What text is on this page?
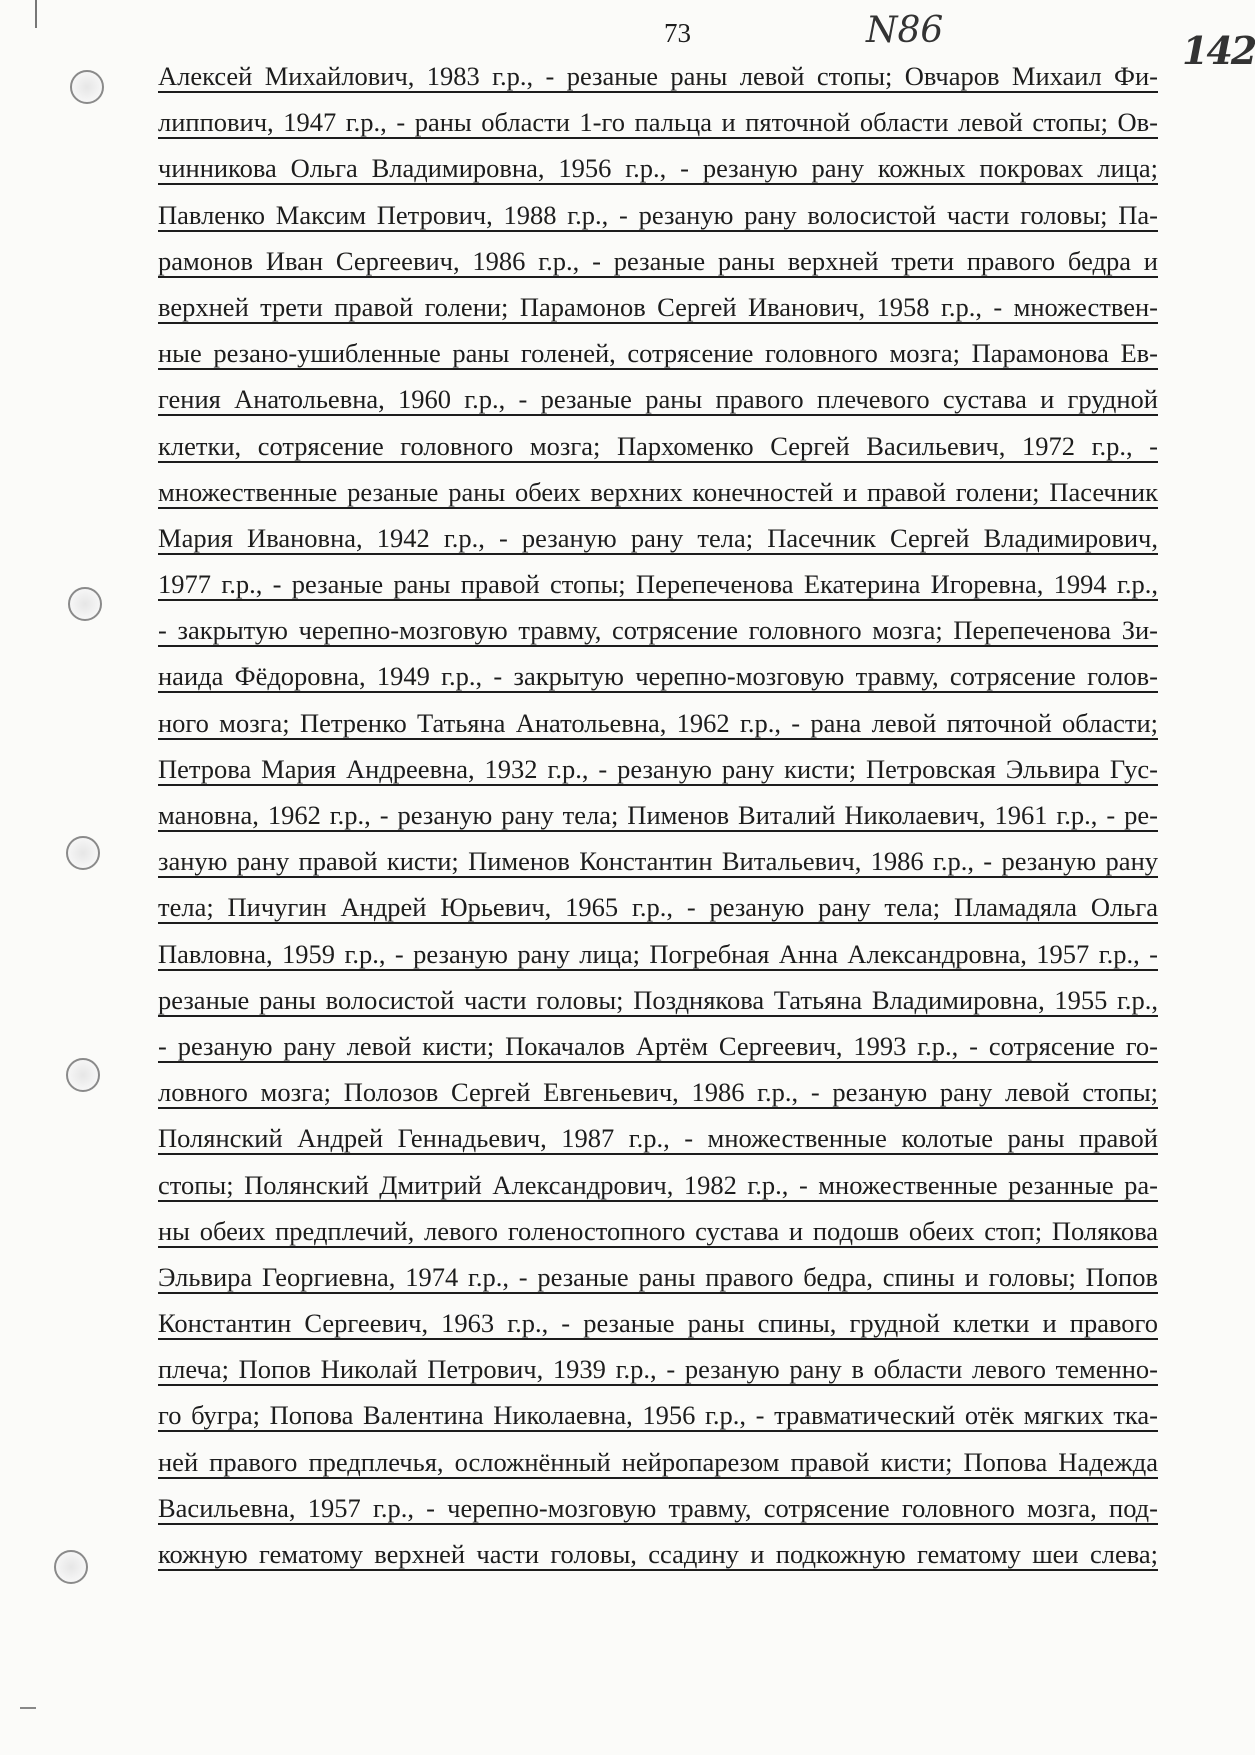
73	N86	142
Алексей Михайлович, 1983 г.р., - резаные раны левой стопы; Овчаров Михаил Фи-
липпович, 1947 г.р., - раны области 1-го пальца и пяточной области левой стопы; Ов-
чинникова Ольга Владимировна, 1956 г.р., - резаную рану кожных покровах лица;
Павленко Максим Петрович, 1988 г.р., - резаную рану волосистой части головы; Па-
рамонов Иван Сергеевич, 1986 г.р., - резаные раны верхней трети правого бедра и
верхней трети правой голени; Парамонов Сергей Иванович, 1958 г.р., - множествен-
ные резано-ушибленные раны голеней, сотрясение головного мозга; Парамонова Ев-
гения Анатольевна, 1960 г.р., - резаные раны правого плечевого сустава и грудной
клетки, сотрясение головного мозга; Пархоменко Сергей Васильевич, 1972 г.р., -
множественные резаные раны обеих верхних конечностей и правой голени; Пасечник
Мария Ивановна, 1942 г.р., - резаную рану тела; Пасечник Сергей Владимирович,
1977 г.р., - резаные раны правой стопы; Перепеченова Екатерина Игоревна, 1994 г.р.,
- закрытую черепно-мозговую травму, сотрясение головного мозга; Перепеченова Зи-
наида Фёдоровна, 1949 г.р., - закрытую черепно-мозговую травму, сотрясение голов-
ного мозга; Петренко Татьяна Анатольевна, 1962 г.р., - рана левой пяточной области;
Петрова Мария Андреевна, 1932 г.р., - резаную рану кисти; Петровская Эльвира Гус-
мановна, 1962 г.р., - резаную рану тела; Пименов Виталий Николаевич, 1961 г.р., - ре-
заную рану правой кисти; Пименов Константин Витальевич, 1986 г.р., - резаную рану
тела; Пичугин Андрей Юрьевич, 1965 г.р., - резаную рану тела; Пламадяла Ольга
Павловна, 1959 г.р., - резаную рану лица; Погребная Анна Александровна, 1957 г.р., -
резаные раны волосистой части головы; Позднякова Татьяна Владимировна, 1955 г.р.,
- резаную рану левой кисти; Покачалов Артём Сергеевич, 1993 г.р., - сотрясение го-
ловного мозга; Полозов Сергей Евгеньевич, 1986 г.р., - резаную рану левой стопы;
Полянский Андрей Геннадьевич, 1987 г.р., - множественные колотые раны правой
стопы; Полянский Дмитрий Александрович, 1982 г.р., - множественные резанные ра-
ны обеих предплечий, левого голеностопного сустава и подошв обеих стоп; Полякова
Эльвира Георгиевна, 1974 г.р., - резаные раны правого бедра, спины и головы; Попов
Константин Сергеевич, 1963 г.р., - резаные раны спины, грудной клетки и правого
плеча; Попов Николай Петрович, 1939 г.р., - резаную рану в области левого теменно-
го бугра; Попова Валентина Николаевна, 1956 г.р., - травматический отёк мягких тка-
ней правого предплечья, осложнённый нейропарезом правой кисти; Попова Надежда
Васильевна, 1957 г.р., - черепно-мозговую травму, сотрясение головного мозга, под-
кожную гематому верхней части головы, ссадину и подкожную гематому шеи слева;
